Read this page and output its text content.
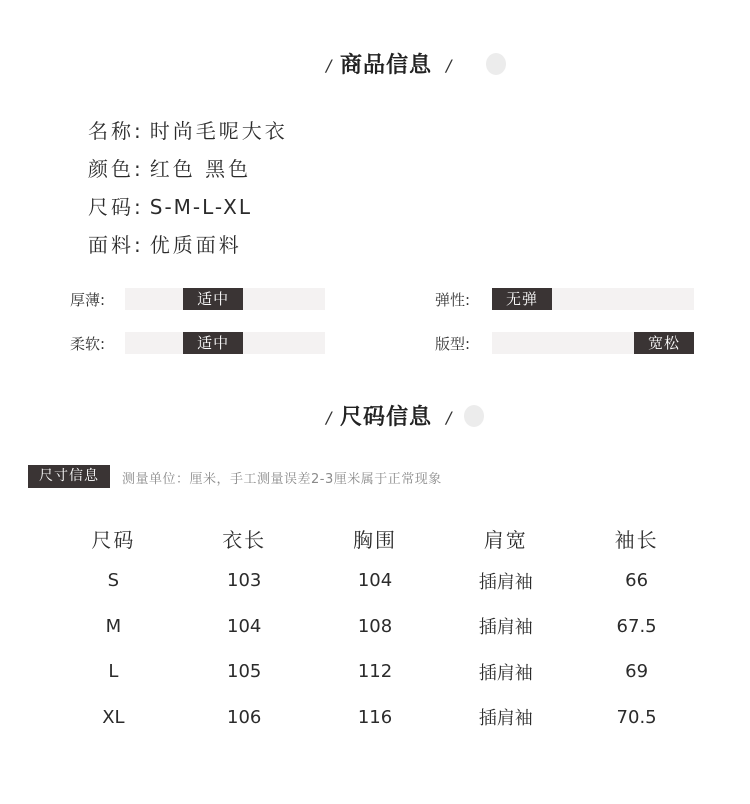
/ 商品信息 /
名称: 时尚毛呢大衣
颜色: 红色 黑色
尺码: S-M-L-XL
面料: 优质面料
厚薄:	适中	弹性:	无弹
柔软:	适中	版型:	宽松
/ 尺码信息 /
尺寸信息	测量单位：厘米，手工测量误差2-3厘米属于正常现象
尺码	衣长	胸围	肩宽	袖长
S	103	104	插肩袖	66
M	104	108	插肩袖	67.5
L	105	112	插肩袖	69
XL	106	116	插肩袖	70.5
